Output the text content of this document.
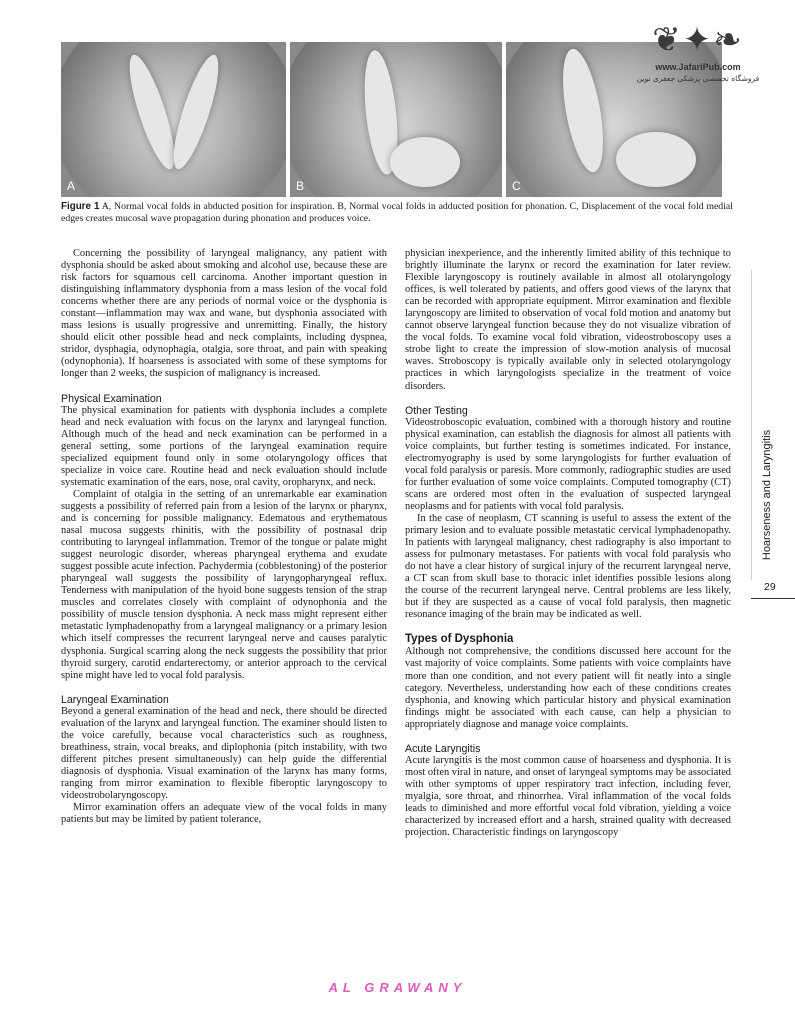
A	B	C
❦✦❧
www.JafariPub.com
فروشگاه تخصصی پزشکی جعفری نوین
Figure 1 A, Normal vocal folds in abducted position for inspiration. B, Normal vocal folds in adducted position for phonation. C, Displacement of the vocal fold medial edges creates mucosal wave propagation during phonation and produces voice.

Concerning the possibility of laryngeal malignancy, any patient with dysphonia should be asked about smoking and alcohol use, because these are risk factors for squamous cell carcinoma. Another important question in distinguishing inflammatory dysphonia from a mass lesion of the vocal fold concerns whether there are any periods of normal voice or the dysphonia is constant—inflammation may wax and wane, but dysphonia associated with mass lesions is usually progressive and unremitting. Finally, the history should elicit other possible head and neck complaints, including dyspnea, stridor, dysphagia, odynophagia, otalgia, sore throat, and pain with speaking (odynophonia). If hoarseness is associated with some of these symptoms for longer than 2 weeks, the suspicion of malignancy is increased.

Physical Examination

The physical examination for patients with dysphonia includes a complete head and neck evaluation with focus on the larynx and laryngeal function. Although much of the head and neck examination can be performed in a general setting, some portions of the laryngeal examination require specialized equipment found only in some otolaryngology offices that specialize in voice care. Routine head and neck evaluation should include systematic examination of the ears, nose, oral cavity, oropharynx, and neck.

Complaint of otalgia in the setting of an unremarkable ear examination suggests a possibility of referred pain from a lesion of the larynx or pharynx, and is concerning for possible malignancy. Edematous and erythematous nasal mucosa suggests rhinitis, with the possibility of postnasal drip contributing to laryngeal inflammation. Tremor of the tongue or palate might suggest neurologic disorder, whereas pharyngeal erythema and exudate suggest possible acute infection. Pachydermia (cobblestoning) of the posterior pharyngeal wall suggests the possibility of laryngopharyngeal reflux. Tenderness with manipulation of the hyoid bone suggests tension of the strap muscles and correlates closely with complaint of odynophonia and the possibility of muscle tension dysphonia. A neck mass might represent either metastatic lymphadenopathy from a laryngeal malignancy or a primary lesion which itself compresses the recurrent laryngeal nerve and causes paralytic dysphonia. Surgical scarring along the neck suggests the possibility that prior thyroid surgery, carotid endarterectomy, or anterior approach to the cervical spine might have led to vocal fold paralysis.

Laryngeal Examination

Beyond a general examination of the head and neck, there should be directed evaluation of the larynx and laryngeal function. The examiner should listen to the voice carefully, because vocal characteristics such as roughness, breathiness, strain, vocal breaks, and diplophonia (pitch instability, with two different pitches present simultaneously) can help guide the differential diagnosis of dysphonia. Visual examination of the larynx has many forms, ranging from mirror examination to flexible fiberoptic laryngoscopy to videostrobolaryngoscopy.

Mirror examination offers an adequate view of the vocal folds in many patients but may be limited by patient tolerance,

physician inexperience, and the inherently limited ability of this technique to brightly illuminate the larynx or record the examination for later review. Flexible laryngoscopy is routinely available in almost all otolaryngology offices, is well tolerated by patients, and offers good views of the larynx that can be recorded with appropriate equipment. Mirror examination and flexible laryngoscopy are limited to observation of vocal fold motion and anatomy but cannot observe laryngeal function because they do not visualize vibration of the vocal folds. To examine vocal fold vibration, videostroboscopy uses a strobe light to create the impression of slow-motion analysis of mucosal waves. Stroboscopy is typically available only in selected otolaryngology practices in which laryngologists specialize in the treatment of voice disorders.

Other Testing

Videostroboscopic evaluation, combined with a thorough history and routine physical examination, can establish the diagnosis for almost all patients with voice complaints, but further testing is sometimes indicated. For instance, electromyography is used by some laryngologists for further evaluation of vocal fold paralysis or paresis. More commonly, radiographic studies are used for further evaluation of some voice complaints. Computed tomography (CT) scans are ordered most often in the evaluation of suspected laryngeal neoplasms and for patients with vocal fold paralysis.

In the case of neoplasm, CT scanning is useful to assess the extent of the primary lesion and to evaluate possible metastatic cervical lymphadenopathy. In patients with laryngeal malignancy, chest radiography is also important to assess for pulmonary metastases. For patients with vocal fold paralysis who do not have a clear history of surgical injury of the recurrent laryngeal nerve, a CT scan from skull base to thoracic inlet identifies possible lesions along the course of the recurrent laryngeal nerve. Central problems are less likely, but if they are suspected as a cause of vocal fold paralysis, then magnetic resonance imaging of the brain may be indicated as well.

Types of Dysphonia

Although not comprehensive, the conditions discussed here account for the vast majority of voice complaints. Some patients with voice complaints have more than one condition, and not every patient will fit neatly into a single category. Nevertheless, understanding how each of these conditions creates dysphonia, and knowing which particular history and physical examination findings might be associated with each cause, can help a physician to appropriately diagnose and manage voice complaints.

Acute Laryngitis

Acute laryngitis is the most common cause of hoarseness and dysphonia. It is most often viral in nature, and onset of laryngeal symptoms may be associated with other symptoms of upper respiratory tract infection, including fever, myalgia, sore throat, and rhinorrhea. Viral inflammation of the vocal folds leads to diminished and more effortful vocal fold vibration, yielding a voice characterized by increased effort and a harsh, strained quality with decreased projection. Characteristic findings on laryngoscopy

Hoarseness and Laryngitis
29
AL GRAWANY
